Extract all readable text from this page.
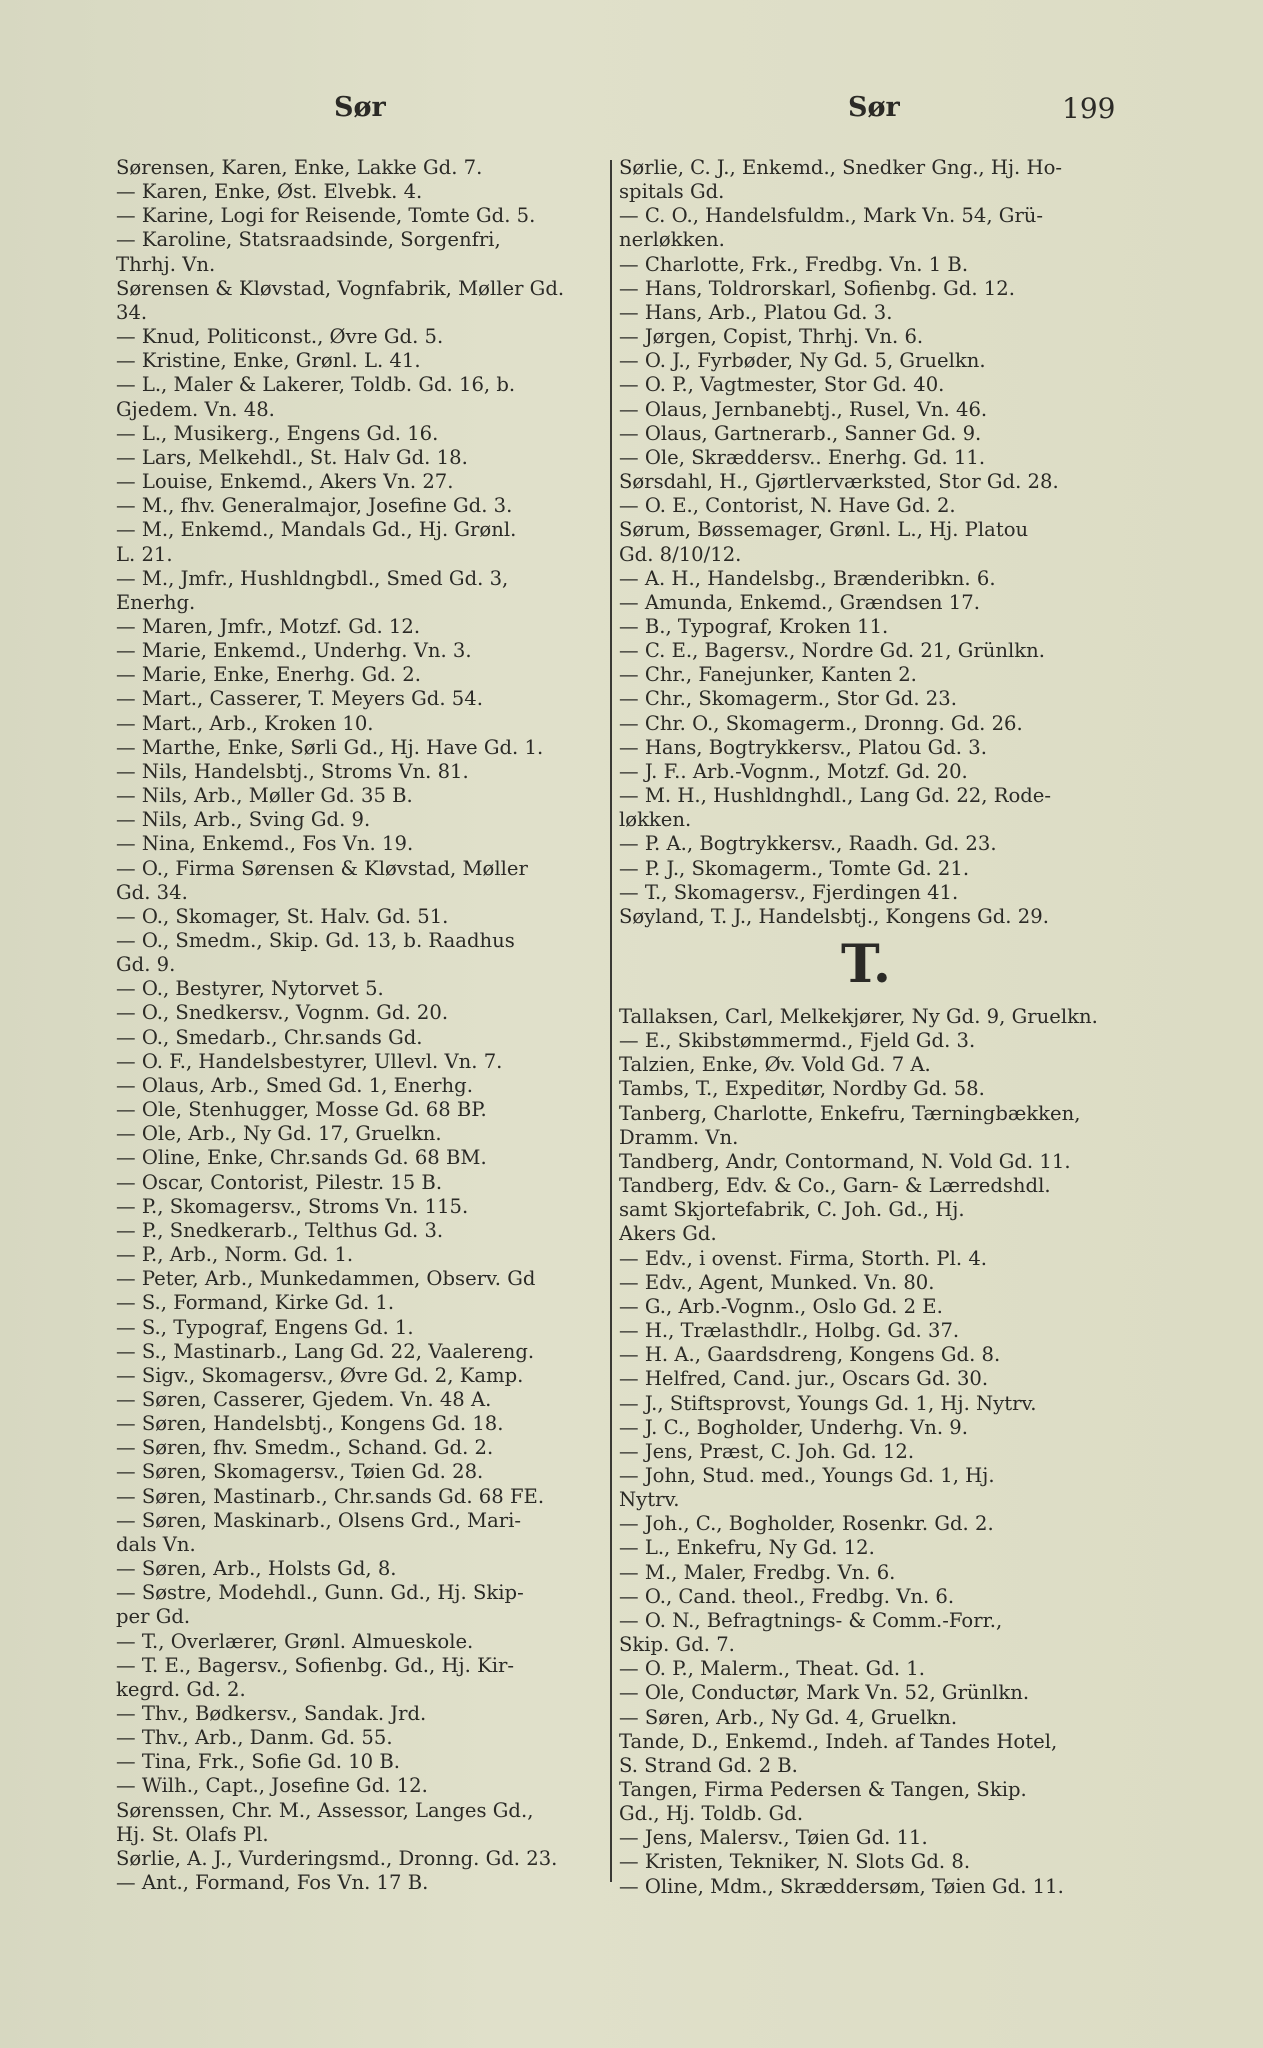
Sør	Sør	199
Sørensen, Karen, Enke, Lakke Gd. 7.
— Karen, Enke, Øst. Elvebk. 4.
— Karine, Logi for Reisende, Tomte Gd. 5.
— Karoline, Statsraadsinde, Sorgenfri,
Thrhj. Vn.
Sørensen & Kløvstad, Vognfabrik, Møller Gd.
34.
— Knud, Politiconst., Øvre Gd. 5.
— Kristine, Enke, Grønl. L. 41.
— L., Maler & Lakerer, Toldb. Gd. 16, b.
Gjedem. Vn. 48.
— L., Musikerg., Engens Gd. 16.
— Lars, Melkehdl., St. Halv Gd. 18.
— Louise, Enkemd., Akers Vn. 27.
— M., fhv. Generalmajor, Josefine Gd. 3.
— M., Enkemd., Mandals Gd., Hj. Grønl.
L. 21.
— M., Jmfr., Hushldngbdl., Smed Gd. 3,
Enerhg.
— Maren, Jmfr., Motzf. Gd. 12.
— Marie, Enkemd., Underhg. Vn. 3.
— Marie, Enke, Enerhg. Gd. 2.
— Mart., Casserer, T. Meyers Gd. 54.
— Mart., Arb., Kroken 10.
— Marthe, Enke, Sørli Gd., Hj. Have Gd. 1.
— Nils, Handelsbtj., Stroms Vn. 81.
— Nils, Arb., Møller Gd. 35 B.
— Nils, Arb., Sving Gd. 9.
— Nina, Enkemd., Fos Vn. 19.
— O., Firma Sørensen & Kløvstad, Møller
Gd. 34.
— O., Skomager, St. Halv. Gd. 51.
— O., Smedm., Skip. Gd. 13, b. Raadhus
Gd. 9.
— O., Bestyrer, Nytorvet 5.
— O., Snedkersv., Vognm. Gd. 20.
— O., Smedarb., Chr.sands Gd.
— O. F., Handelsbestyrer, Ullevl. Vn. 7.
— Olaus, Arb., Smed Gd. 1, Enerhg.
— Ole, Stenhugger, Mosse Gd. 68 BP.
— Ole, Arb., Ny Gd. 17, Gruelkn.
— Oline, Enke, Chr.sands Gd. 68 BM.
— Oscar, Contorist, Pilestr. 15 B.
— P., Skomagersv., Stroms Vn. 115.
— P., Snedkerarb., Telthus Gd. 3.
— P., Arb., Norm. Gd. 1.
— Peter, Arb., Munkedammen, Observ. Gd
— S., Formand, Kirke Gd. 1.
— S., Typograf, Engens Gd. 1.
— S., Mastinarb., Lang Gd. 22, Vaalereng.
— Sigv., Skomagersv., Øvre Gd. 2, Kamp.
— Søren, Casserer, Gjedem. Vn. 48 A.
— Søren, Handelsbtj., Kongens Gd. 18.
— Søren, fhv. Smedm., Schand. Gd. 2.
— Søren, Skomagersv., Tøien Gd. 28.
— Søren, Mastinarb., Chr.sands Gd. 68 FE.
— Søren, Maskinarb., Olsens Grd., Mari-
dals Vn.
— Søren, Arb., Holsts Gd, 8.
— Søstre, Modehdl., Gunn. Gd., Hj. Skip-
per Gd.
— T., Overlærer, Grønl. Almueskole.
— T. E., Bagersv., Sofienbg. Gd., Hj. Kir-
kegrd. Gd. 2.
— Thv., Bødkersv., Sandak. Jrd.
— Thv., Arb., Danm. Gd. 55.
— Tina, Frk., Sofie Gd. 10 B.
— Wilh., Capt., Josefine Gd. 12.
Sørenssen, Chr. M., Assessor, Langes Gd.,
Hj. St. Olafs Pl.
Sørlie, A. J., Vurderingsmd., Dronng. Gd. 23.
— Ant., Formand, Fos Vn. 17 B.
Sørlie, C. J., Enkemd., Snedker Gng., Hj. Ho-
spitals Gd.
— C. O., Handelsfuldm., Mark Vn. 54, Grü-
nerløkken.
— Charlotte, Frk., Fredbg. Vn. 1 B.
— Hans, Toldrorskarl, Sofienbg. Gd. 12.
— Hans, Arb., Platou Gd. 3.
— Jørgen, Copist, Thrhj. Vn. 6.
— O. J., Fyrbøder, Ny Gd. 5, Gruelkn.
— O. P., Vagtmester, Stor Gd. 40.
— Olaus, Jernbanebtj., Rusel, Vn. 46.
— Olaus, Gartnerarb., Sanner Gd. 9.
— Ole, Skræddersv.. Enerhg. Gd. 11.
Sørsdahl, H., Gjørtlerværksted, Stor Gd. 28.
— O. E., Contorist, N. Have Gd. 2.
Sørum, Bøssemager, Grønl. L., Hj. Platou
Gd. 8/10/12.
— A. H., Handelsbg., Brænderibkn. 6.
— Amunda, Enkemd., Grændsen 17.
— B., Typograf, Kroken 11.
— C. E., Bagersv., Nordre Gd. 21, Grünlkn.
— Chr., Fanejunker, Kanten 2.
— Chr., Skomagerm., Stor Gd. 23.
— Chr. O., Skomagerm., Dronng. Gd. 26.
— Hans, Bogtrykkersv., Platou Gd. 3.
— J. F.. Arb.-Vognm., Motzf. Gd. 20.
— M. H., Hushldnghdl., Lang Gd. 22, Rode-
løkken.
— P. A., Bogtrykkersv., Raadh. Gd. 23.
— P. J., Skomagerm., Tomte Gd. 21.
— T., Skomagersv., Fjerdingen 41.
Søyland, T. J., Handelsbtj., Kongens Gd. 29.
T.
Tallaksen, Carl, Melkekjører, Ny Gd. 9, Gruelkn.
— E., Skibstømmermd., Fjeld Gd. 3.
Talzien, Enke, Øv. Vold Gd. 7 A.
Tambs, T., Expeditør, Nordby Gd. 58.
Tanberg, Charlotte, Enkefru, Tærningbækken,
Dramm. Vn.
Tandberg, Andr, Contormand, N. Vold Gd. 11.
Tandberg, Edv. & Co., Garn- & Lærredshdl.
samt Skjortefabrik, C. Joh. Gd., Hj.
Akers Gd.
— Edv., i ovenst. Firma, Storth. Pl. 4.
— Edv., Agent, Munked. Vn. 80.
— G., Arb.-Vognm., Oslo Gd. 2 E.
— H., Trælasthdlr., Holbg. Gd. 37.
— H. A., Gaardsdreng, Kongens Gd. 8.
— Helfred, Cand. jur., Oscars Gd. 30.
— J., Stiftsprovst, Youngs Gd. 1, Hj. Nytrv.
— J. C., Bogholder, Underhg. Vn. 9.
— Jens, Præst, C. Joh. Gd. 12.
— John, Stud. med., Youngs Gd. 1, Hj.
Nytrv.
— Joh., C., Bogholder, Rosenkr. Gd. 2.
— L., Enkefru, Ny Gd. 12.
— M., Maler, Fredbg. Vn. 6.
— O., Cand. theol., Fredbg. Vn. 6.
— O. N., Befragtnings- & Comm.-Forr.,
Skip. Gd. 7.
— O. P., Malerm., Theat. Gd. 1.
— Ole, Conductør, Mark Vn. 52, Grünlkn.
— Søren, Arb., Ny Gd. 4, Gruelkn.
Tande, D., Enkemd., Indeh. af Tandes Hotel,
S. Strand Gd. 2 B.
Tangen, Firma Pedersen & Tangen, Skip.
Gd., Hj. Toldb. Gd.
— Jens, Malersv., Tøien Gd. 11.
— Kristen, Tekniker, N. Slots Gd. 8.
— Oline, Mdm., Skræddersøm, Tøien Gd. 11.
